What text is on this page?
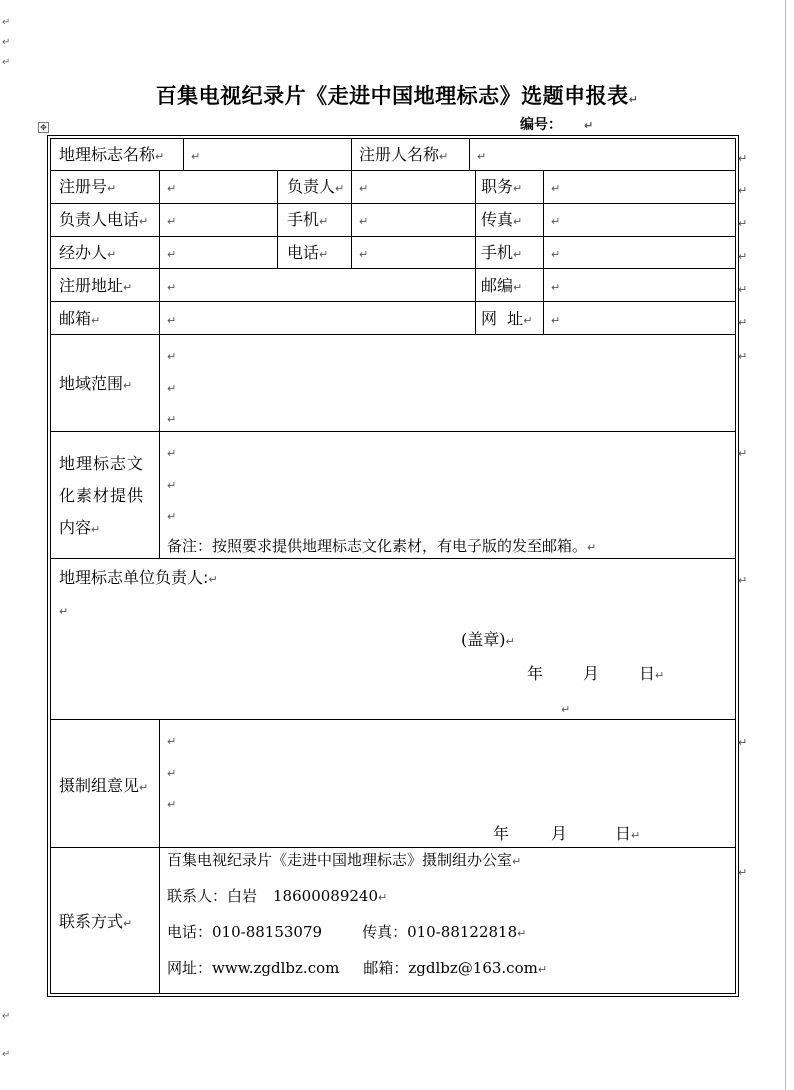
↵
↵
↵
↵
↵
百集电视纪录片《走进中国地理标志》选题申报表↵
编号： ↵
✥
地理标志名称↵ ↵	注册人名称↵	↵
注册号↵	↵	负责人↵ ↵	职务↵	↵
负责人电话↵ ↵	手机↵	↵	传真↵	↵
经办人↵	↵	电话↵	↵	手机↵	↵
注册地址↵	↵	邮编↵	↵
邮箱↵	↵	网  址↵ ↵
地域范围↵
↵
↵
↵
地理标志文
化素材提供
内容↵
↵
↵
↵
备注：按照要求提供地理标志文化素材，有电子版的发至邮箱。↵
地理标志单位负责人:↵
↵
(盖章)↵
年 月 日↵
↵
摄制组意见↵
↵
↵
↵
年	月	日↵
联系方式↵
百集电视纪录片《走进中国地理标志》摄制组办公室↵
联系人：白岩 18600089240↵
电话：010-88153079	传真：010-88122818↵
网址：www.zgdlbz.com 邮箱：zgdlbz@163.com↵
↵
↵
↵
↵
↵
↵
↵
↵
↵
↵
↵
